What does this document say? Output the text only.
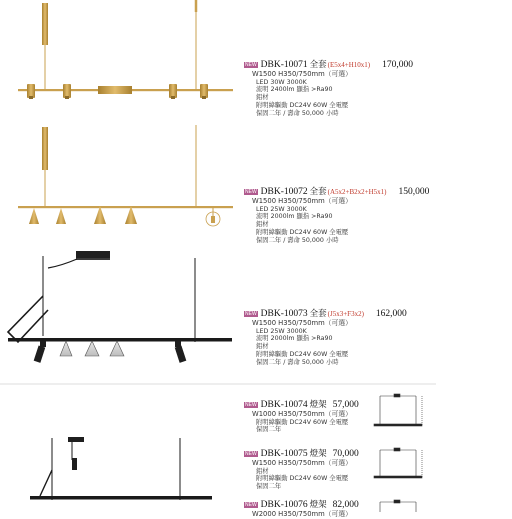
NEW DBK-10071 全套 (E5x4+H10x1) 170,000
W1500 H350/750mm（可選）
LED 30W 3000K
流明 2400lm 顯指 >Ra90
鋁材
附明緯驅動 DC24V 60W 全電壓
保固二年 / 壽命 50,000 小時
NEW DBK-10072 全套 (A5x2+B2x2+H5x1) 150,000
W1500 H350/750mm（可選）
LED 25W 3000K
流明 2000lm 顯指 >Ra90
鋁材
附明緯驅動 DC24V 60W 全電壓
保固二年 / 壽命 50,000 小時
NEW DBK-10073 全套 (J5x3+F3x2) 162,000
W1500 H350/750mm（可選）
LED 25W 3000K
流明 2000lm 顯指 >Ra90
鋁材
附明緯驅動 DC24V 60W 全電壓
保固二年 / 壽命 50,000 小時
NEW DBK-10074 燈架 57,000
W1000 H350/750mm（可選）
附明緯驅動 DC24V 60W 全電壓
保固二年
NEW DBK-10075 燈架 70,000
W1500 H350/750mm（可選）
鋁材
附明緯驅動 DC24V 60W 全電壓
保固二年
NEW DBK-10076 燈架 82,000
W2000 H350/750mm（可選）
